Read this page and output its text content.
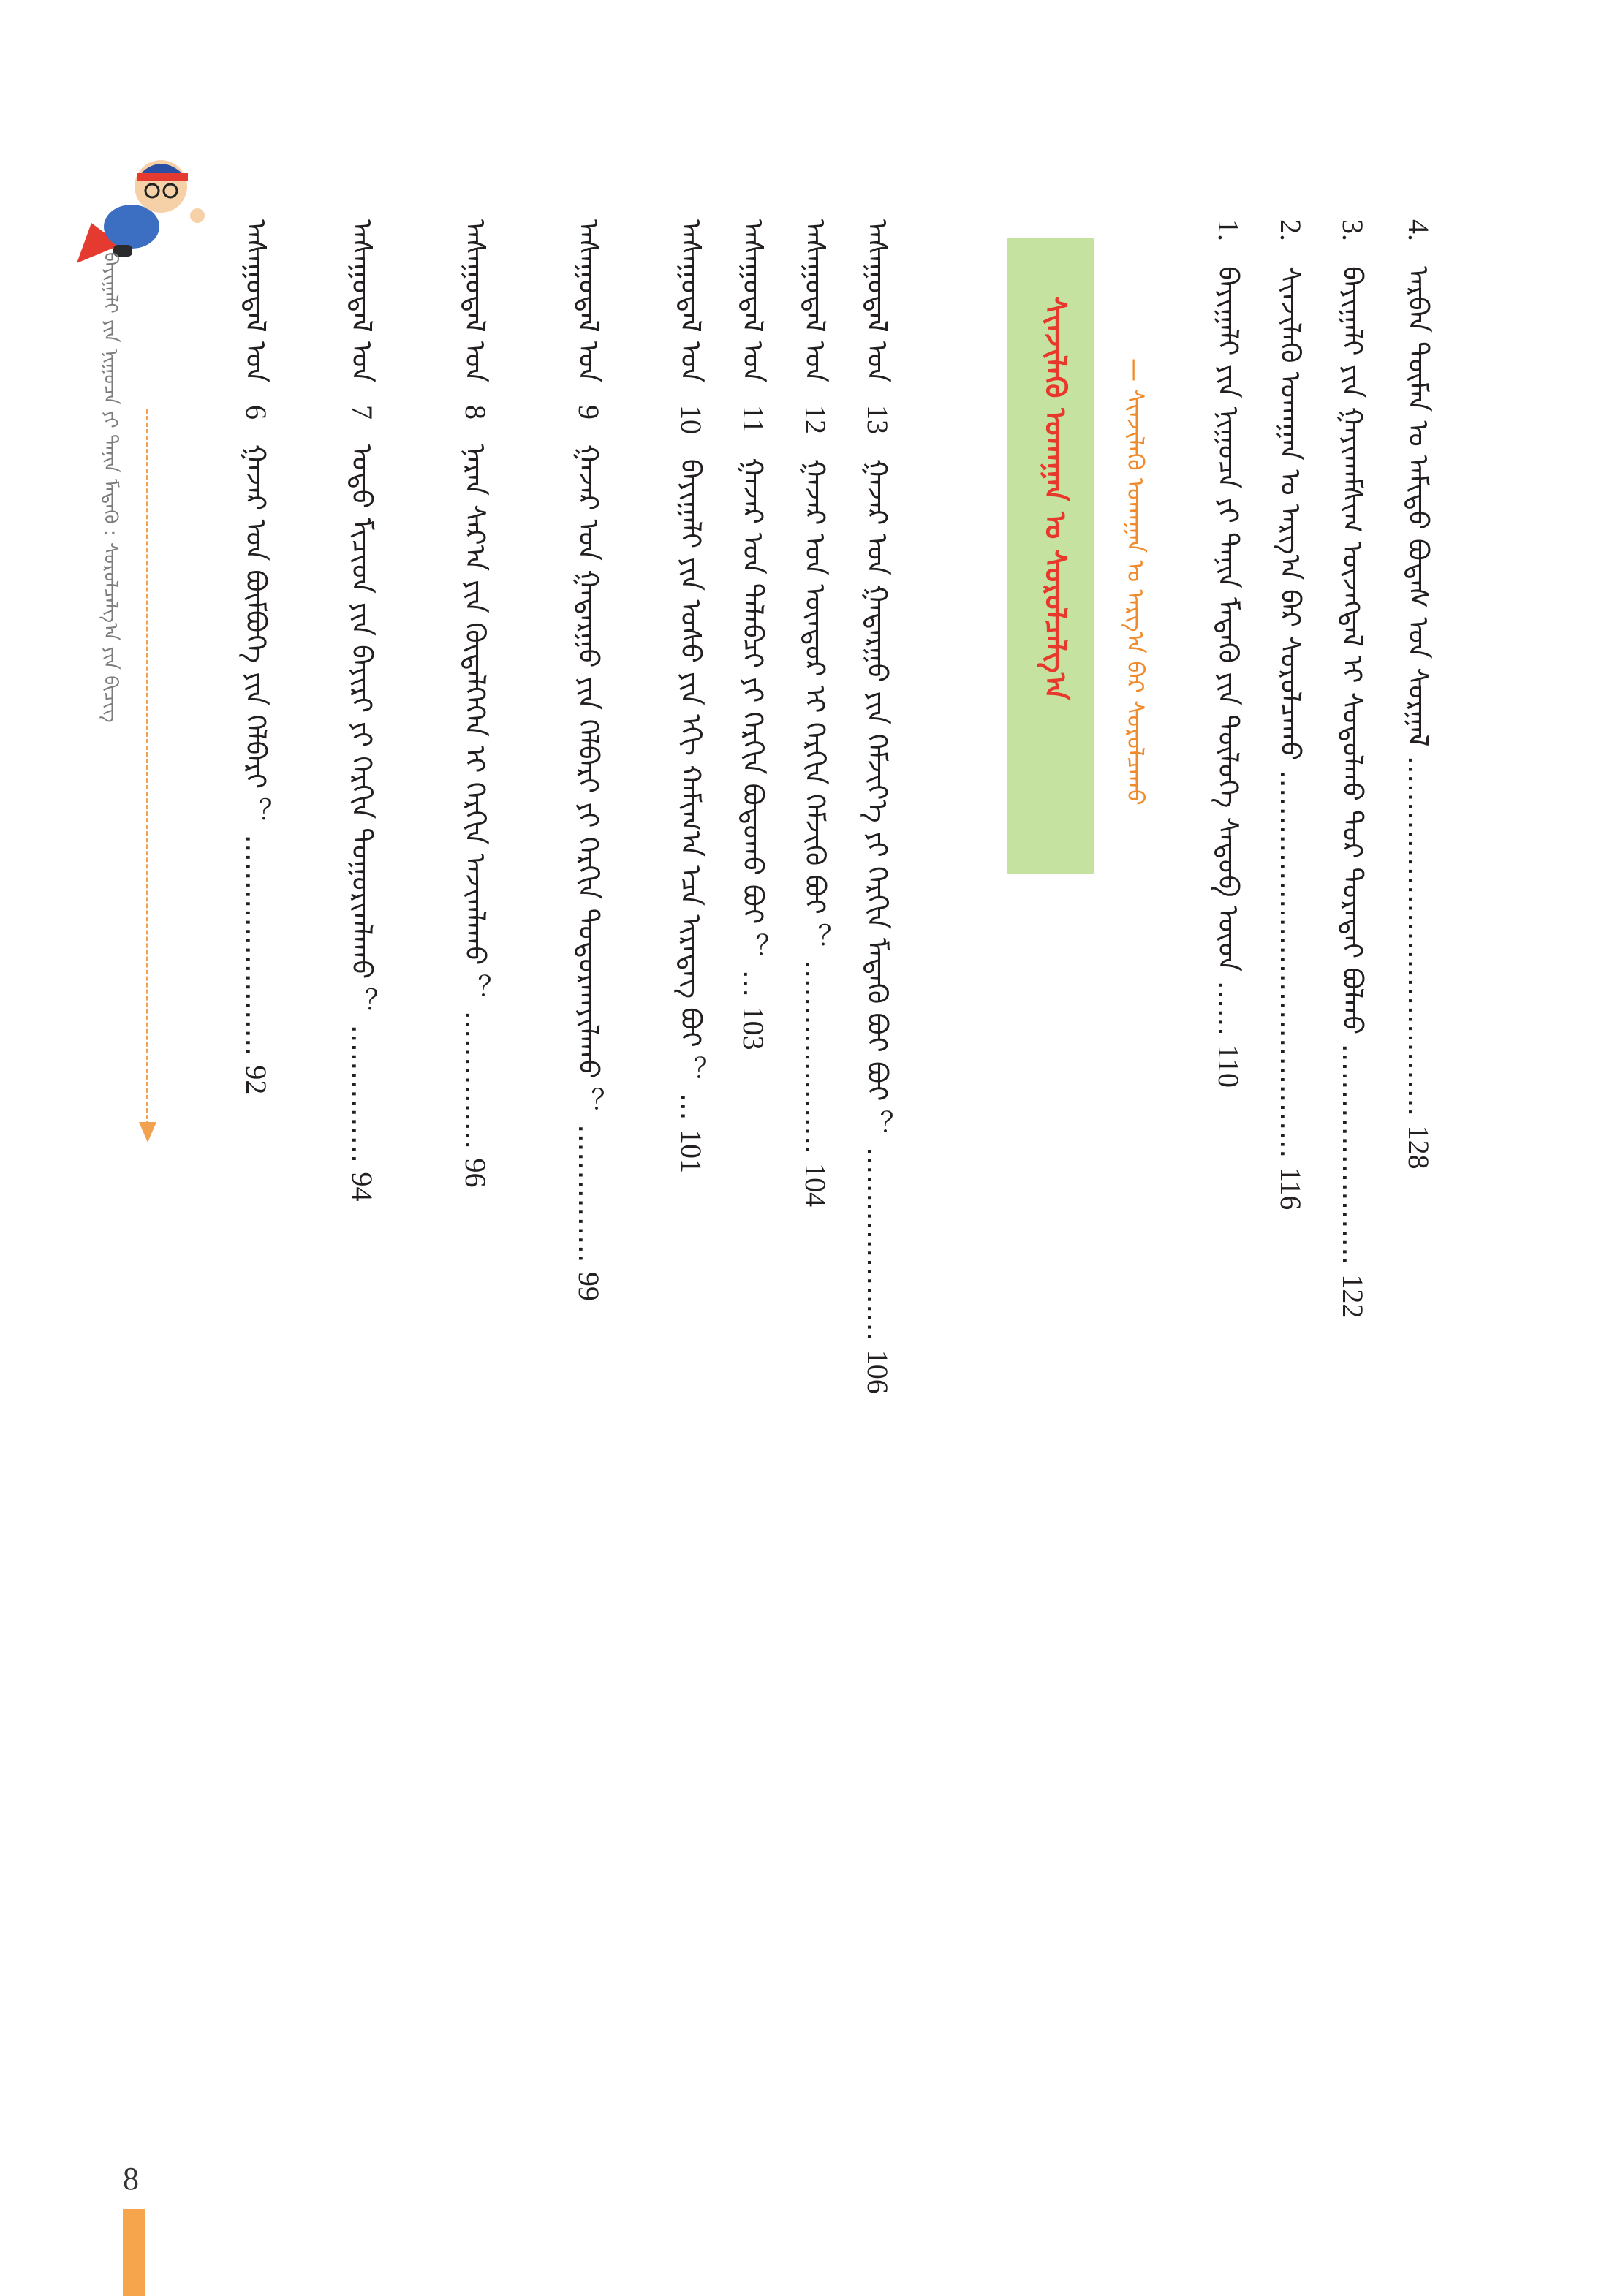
4. ᠠᠷᠪᠠᠨ ᠲᠦᠮᠡᠨ ᠤ ᠠᠮᠢᠳᠤ ᠪᠣᠳᠠᠰ ᠤᠨ ᠰᠤᠷᠭᠠᠯ ………………………………… 128
3. ᠪᠠᠶᠢᠭᠠᠯᠢ ᠶᠢᠨ ᠭᠠᠶᠢᠬᠠᠮᠰᠢᠭ ᠦᠵᠡᠭᠳᠡᠯ ᠢ ᠰᠤᠳᠤᠯᠬᠤ ᠳᠤᠷ ᠳᠤᠷᠠᠲᠠᠶ ᠪᠣᠯᠬᠤ …………………… 122
2. ᠰᠢᠨᠵᠢᠯᠡᠬᠦ ᠤᠬᠠᠭᠠᠨ ᠤ ᠠᠷᠭ᠎ᠠ ᠪᠠᠷ ᠰᠤᠷᠤᠯᠴᠠᠬᠤ …………………………………… 116
1. ᠪᠠᠶᠢᠭᠠᠯᠢ ᠶᠢᠨ ᠨᠢᠭᠤᠴᠠ ᠶᠢ ᠲᠠᠨᠢᠨ ᠮᠡᠳᠡᠬᠦ ᠶᠢᠨ ᠲᠥᠯᠥᠭᠡ ᠰᠡᠳᠦᠪ ᠦᠳ …… 110
— ᠰᠢᠨᠵᠢᠯᠡᠬᠦ ᠤᠬᠠᠭᠠᠨ ᠤ ᠠᠷᠭ᠎ᠠ ᠪᠠᠷ ᠰᠤᠷᠤᠯᠴᠠᠬᠤ
ᠰᠢᠨᠵᠢᠯᠡᠬᠦ ᠤᠬᠠᠭᠠᠨ ᠤ ᠰᠤᠷᠤᠯᠴᠠᠯᠭ᠎ᠠ
ᠠᠰᠠᠭᠤᠳᠠᠯ ᠤᠨ 13 ᠭᠠᠵᠠᠷ ᠤᠨ ᠭᠠᠳᠠᠷᠭᠤ ᠶᠢᠨ ᠬᠡᠮᠵᠢᠶ᠎ᠡ ᠶᠢ ᠬᠡᠷᠬᠢᠨ ᠮᠡᠳᠡᠬᠦ ᠪᠤᠢ ᠪᠤᠢ ？ ………………… 106
ᠠᠰᠠᠭᠤᠳᠠᠯ ᠤᠨ 12 ᠭᠠᠵᠠᠷ ᠤᠨ ᠦᠨᠳᠦᠷ ᠢ ᠬᠡᠷᠬᠢᠨ ᠬᠡᠮᠵᠢᠬᠦ ᠪᠤᠢ ？ ………………… 104
ᠠᠰᠠᠭᠤᠳᠠᠯ ᠤᠨ 11 ᠭᠠᠵᠠᠷ ᠤᠨ ᠳᠠᠯᠠᠪᠴᠢ ᠶᠢ ᠬᠡᠷᠬᠢᠨ ᠪᠣᠳᠣᠬᠤ ᠪᠤᠢ ？ … 103
ᠠᠰᠠᠭᠤᠳᠠᠯ ᠤᠨ 10 ᠪᠠᠶᠢᠭᠠᠯᠢ ᠶᠢᠨ ᠤᠰᠤ ᠶᠢᠨ ᠡᠬᠢ ᠬᠠᠮᠢᠭ᠎ᠠ ᠡᠴᠡ ᠢᠷᠡᠳᠡᠭ ᠪᠤᠢ ？ … 101
ᠠᠰᠠᠭᠤᠳᠠᠯ ᠤᠨ 9 ᠭᠠᠵᠠᠷ ᠤᠨ ᠭᠠᠳᠠᠷᠭᠤ ᠶᠢᠨ ᠬᠡᠯᠪᠡᠷᠢ ᠶᠢ ᠬᠡᠷᠬᠢᠨ ᠲᠣᠳᠣᠷᠬᠠᠶᠢᠯᠠᠬᠤ ？ …………… 99
ᠠᠰᠠᠭᠤᠳᠠᠯ ᠤᠨ 8 ᠨᠠᠷᠠᠨ ᠰᠠᠷ᠎ᠠ ᠶᠢᠨ ᠬᠥᠳᠡᠯᠭᠡᠭᠡᠨ ᠢ ᠬᠡᠷᠬᠢᠨ ᠠᠵᠢᠭᠯᠠᠬᠤ ？ …………… 96
ᠠᠰᠠᠭᠤᠳᠠᠯ ᠤᠨ 7 ᠣᠳᠣ ᠮᠢᠴᠢᠳ ᠶᠢᠨ ᠪᠠᠶᠢᠷᠢ ᠶᠢ ᠬᠡᠷᠬᠢᠨ ᠲᠣᠭᠣᠷᠢᠭᠯᠠᠬᠤ ？ …………… 94
ᠠᠰᠠᠭᠤᠳᠠᠯ ᠤᠨ 6 ᠭᠠᠵᠠᠷ ᠤᠨ ᠪᠦᠮᠪᠦᠭᠡ ᠶᠢᠨ ᠬᠡᠯᠪᠡᠷᠢ ？ …………………… 92
ᠪᠠᠶᠢᠭᠠᠯᠢ ᠶᠢᠨ ᠨᠢᠭᠤᠴᠠ ᠶᠢ ᠲᠠᠨᠢᠨ ᠮᠡᠳᠡᠬᠦ : ᠰᠤᠷᠤᠯᠴᠠᠯᠭ᠎ᠠ ᠶᠢᠨ ᠪᠢᠴᠢᠭ
8
